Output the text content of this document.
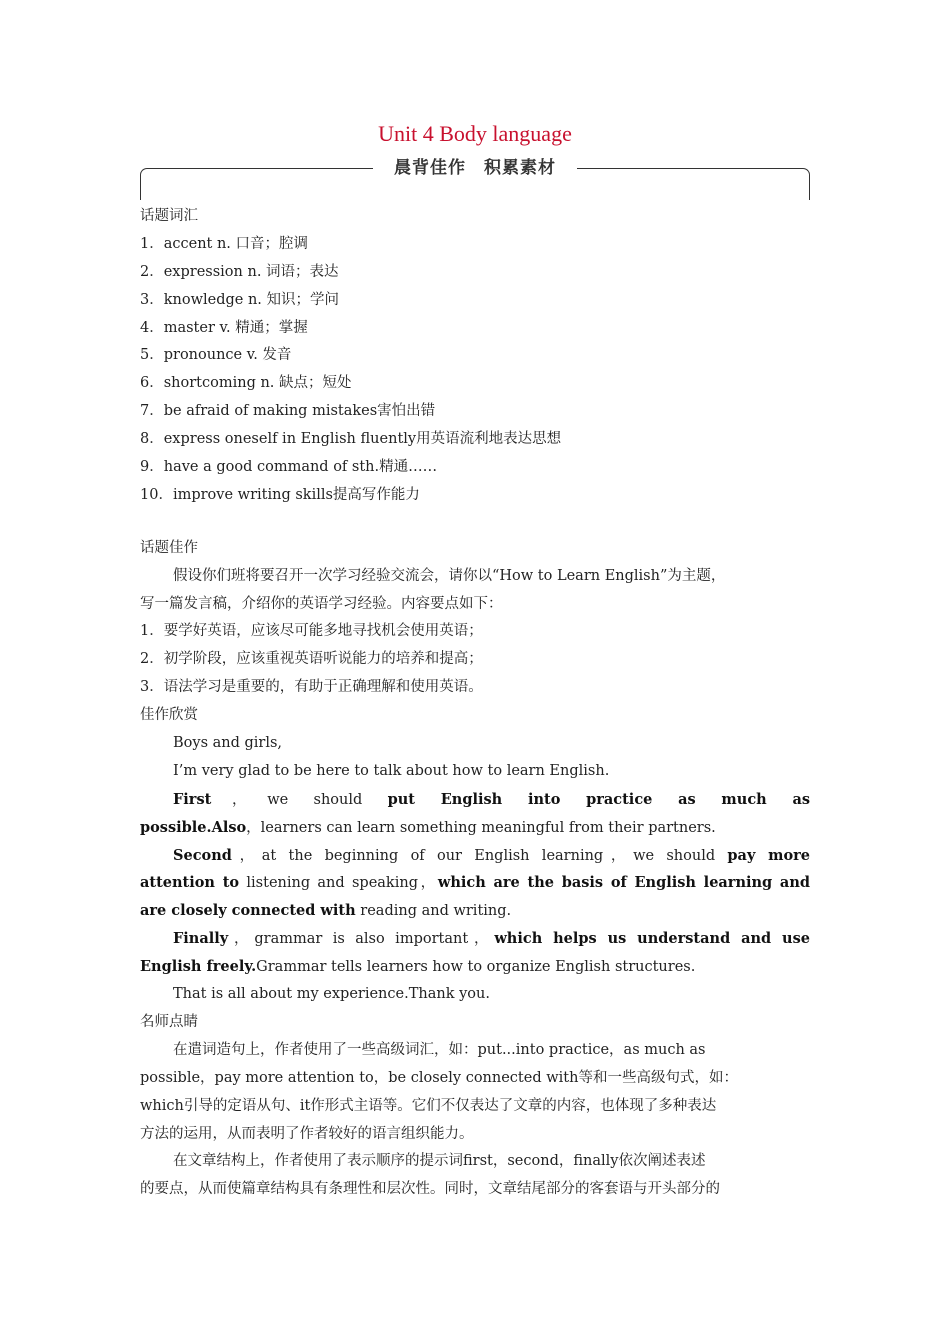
Unit 4 Body language
晨背佳作 积累素材
话题词汇
1．accent n. 口音；腔调
2．expression n. 词语；表达
3．knowledge n. 知识；学问
4．master v. 精通；掌握
5．pronounce v. 发音
6．shortcoming n. 缺点；短处
7．be afraid of making mistakes害怕出错
8．express oneself in English fluently用英语流利地表达思想
9．have a good command of sth.精通……
10．improve writing skills提高写作能力
话题佳作
假设你们班将要召开一次学习经验交流会，请你以“How to Learn English”为主题，
写一篇发言稿，介绍你的英语学习经验。内容要点如下：
1．要学好英语，应该尽可能多地寻找机会使用英语；
2．初学阶段，应该重视英语听说能力的培养和提高；
3．语法学习是重要的，有助于正确理解和使用英语。
佳作欣赏
Boys and girls,
I’m very glad to be here to talk about how to learn English.
First，we should put English into practice as much as
possible.Also，learners can learn something meaningful from their partners.
Second，at the beginning of our English learning，we should pay more
attention to listening and speaking，which are the basis of English learning and
are closely connected with reading and writing.
Finally，grammar is also important，which helps us understand and use
English freely.Grammar tells learners how to organize English structures.
That is all about my experience.Thank you.
名师点睛
在遣词造句上，作者使用了一些高级词汇，如：put...into practice，as much as
possible，pay more attention to，be closely connected with等和一些高级句式，如：
which引导的定语从句、it作形式主语等。它们不仅表达了文章的内容，也体现了多种表达
方法的运用，从而表明了作者较好的语言组织能力。
在文章结构上，作者使用了表示顺序的提示词first，second，finally依次阐述表述
的要点，从而使篇章结构具有条理性和层次性。同时，文章结尾部分的客套语与开头部分的
